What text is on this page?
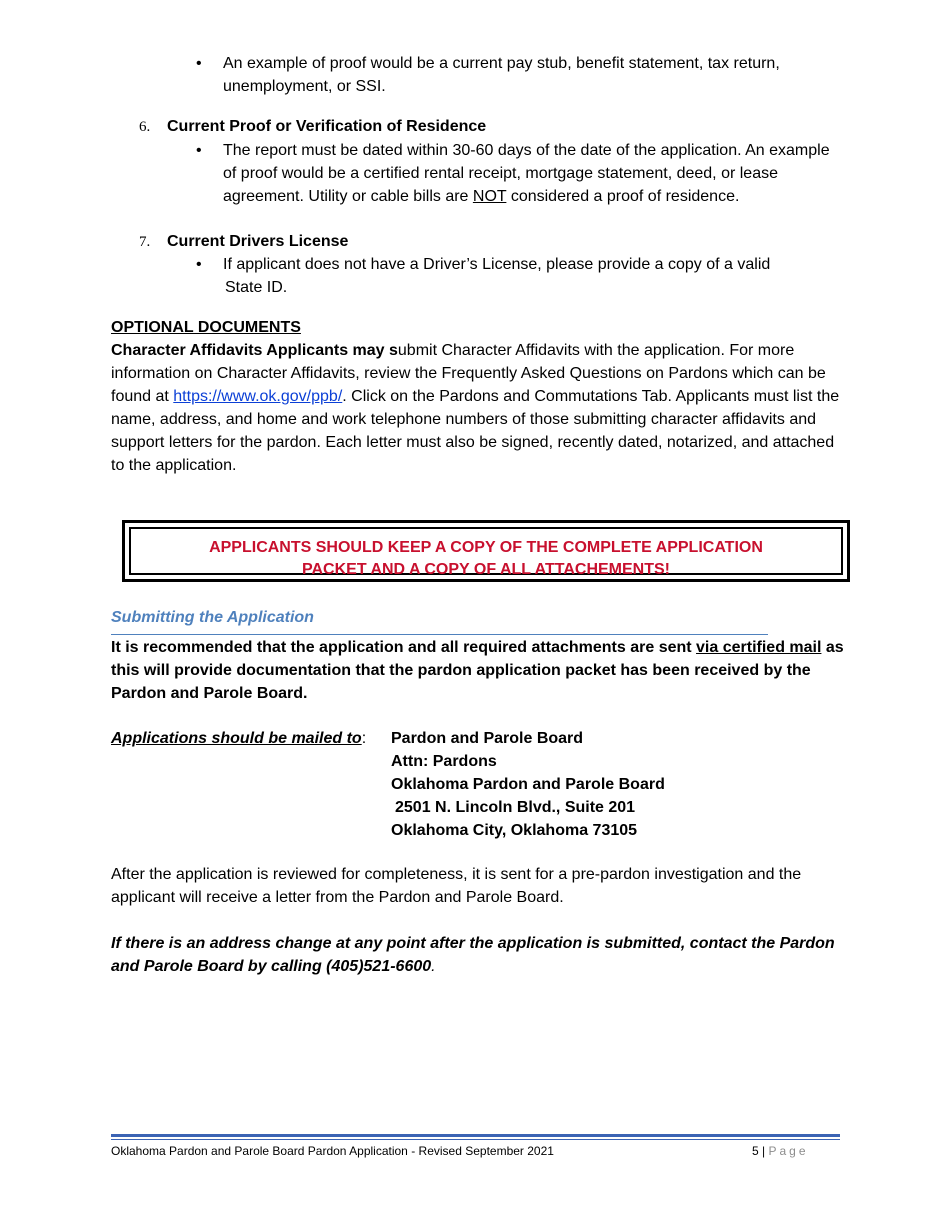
• An example of proof would be a current pay stub, benefit statement, tax return, unemployment, or SSI.
6. Current Proof or Verification of Residence
• The report must be dated within 30-60 days of the date of the application. An example of proof would be a certified rental receipt, mortgage statement, deed, or lease agreement. Utility or cable bills are NOT considered a proof of residence.
7. Current Drivers License
• If applicant does not have a Driver’s License, please provide a copy of a valid
State ID.
OPTIONAL DOCUMENTS
Character Affidavits Applicants may submit Character Affidavits with the application. For more information on Character Affidavits, review the Frequently Asked Questions on Pardons which can be found at https://www.ok.gov/ppb/. Click on the Pardons and Commutations Tab. Applicants must list the name, address, and home and work telephone numbers of those submitting character affidavits and support letters for the pardon. Each letter must also be signed, recently dated, notarized, and attached to the application.
APPLICANTS SHOULD KEEP A COPY OF THE COMPLETE APPLICATION
PACKET AND A COPY OF ALL ATTACHEMENTS!
Submitting the Application
It is recommended that the application and all required attachments are sent via certified mail as this will provide documentation that the pardon application packet has been received by the Pardon and Parole Board.
Applications should be mailed to: Pardon and Parole Board
Attn: Pardons
Oklahoma Pardon and Parole Board
2501 N. Lincoln Blvd., Suite 201
Oklahoma City, Oklahoma 73105
After the application is reviewed for completeness, it is sent for a pre-pardon investigation and the applicant will receive a letter from the Pardon and Parole Board.
If there is an address change at any point after the application is submitted, contact the Pardon and Parole Board by calling (405)521-6600.
Oklahoma Pardon and Parole Board Pardon Application - Revised September 2021	5 | Page
